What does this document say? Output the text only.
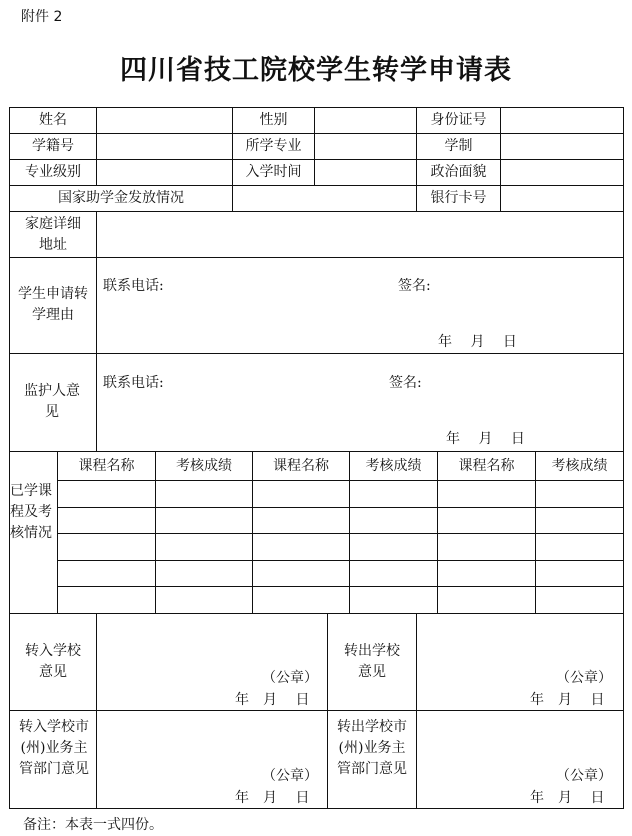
附件 2
四川省技工院校学生转学申请表
姓名	性别	身份证号
学籍号	所学专业	学制
专业级别	入学时间	政治面貌
国家助学金发放情况	银行卡号
家庭详细地址
学生申请转学理由
联系电话:	签名:
年　 月　 日
监护人意见
联系电话:	签名:
年　 月　 日
已学课程及考核情况
课程名称	考核成绩	课程名称	考核成绩	课程名称	考核成绩
转入学校意见	（公章）
年　月　 日
转出学校意见	（公章）
年　月　 日
转入学校市(州)业务主管部门意见	（公章）
年　月　 日
转出学校市(州)业务主管部门意见	（公章）
年　月　 日
备注：本表一式四份。
